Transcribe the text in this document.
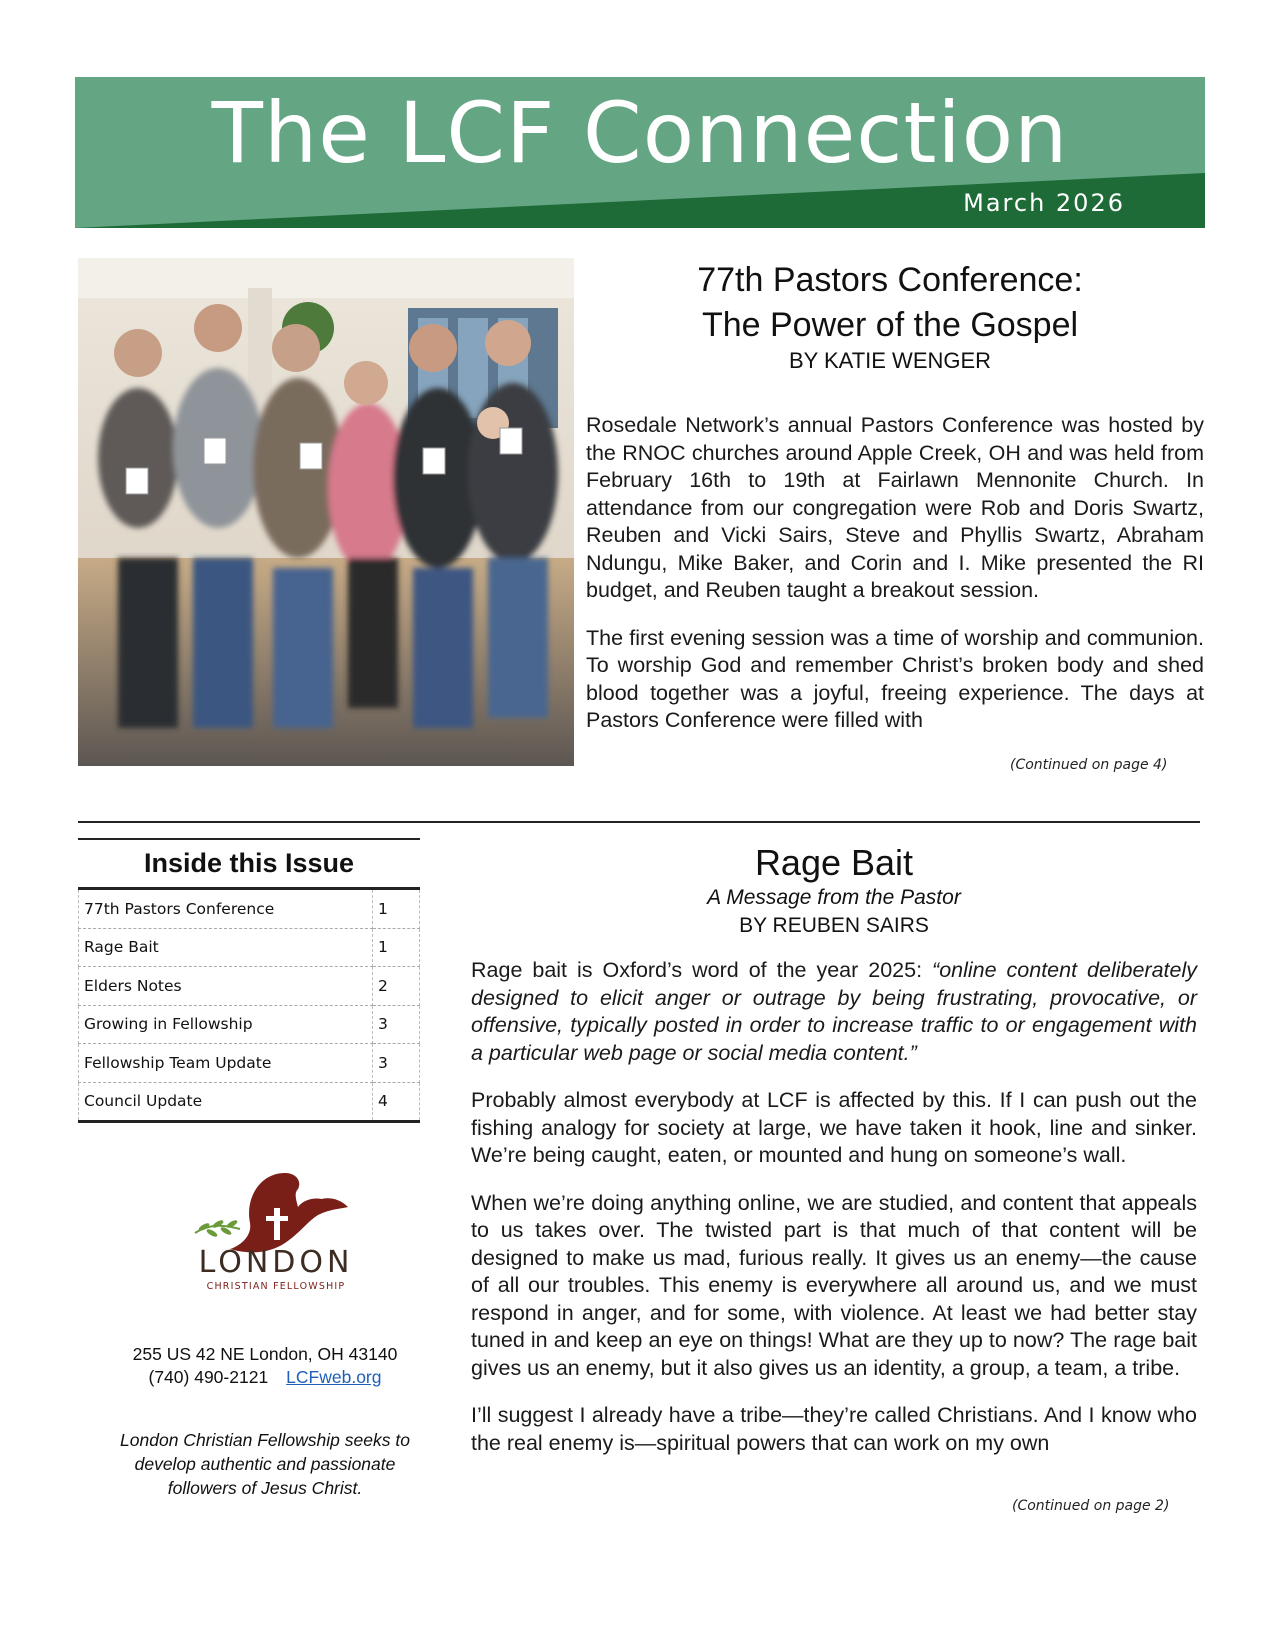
The LCF Connection
March 2026
77th Pastors Conference:
The Power of the Gospel
BY KATIE WENGER

Rosedale Network’s annual Pastors Conference was hosted by the RNOC churches around Apple Creek, OH and was held from February 16th to 19th at Fairlawn Mennonite Church. In attendance from our congregation were Rob and Doris Swartz, Reuben and Vicki Sairs, Steve and Phyllis Swartz, Abraham Ndungu, Mike Baker, and Corin and I. Mike presented the RI budget, and Reuben taught a breakout session.

The first evening session was a time of worship and communion. To worship God and remember Christ’s broken body and shed blood together was a joyful, freeing experience. The days at Pastors Conference were filled with

(Continued on page 4)
Inside this Issue
77th Pastors Conference	1
Rage Bait	1
Elders Notes	2
Growing in Fellowship	3
Fellowship Team Update	3
Council Update	4
LONDON
CHRISTIAN FELLOWSHIP
255 US 42 NE London, OH 43140
(740) 490-2121 LCFweb.org
London Christian Fellowship seeks to develop authentic and passionate followers of Jesus Christ.
Rage Bait
A Message from the Pastor
BY REUBEN SAIRS

Rage bait is Oxford’s word of the year 2025: “online content deliberately designed to elicit anger or outrage by being frustrating, provocative, or offensive, typically posted in order to increase traffic to or engagement with a particular web page or social media content.”

Probably almost everybody at LCF is affected by this. If I can push out the fishing analogy for society at large, we have taken it hook, line and sinker. We’re being caught, eaten, or mounted and hung on someone’s wall.

When we’re doing anything online, we are studied, and content that appeals to us takes over. The twisted part is that much of that content will be designed to make us mad, furious really. It gives us an enemy—the cause of all our troubles. This enemy is everywhere all around us, and we must respond in anger, and for some, with violence. At least we had better stay tuned in and keep an eye on things! What are they up to now? The rage bait gives us an enemy, but it also gives us an identity, a group, a team, a tribe.

I’ll suggest I already have a tribe—they’re called Christians. And I know who the real enemy is—spiritual powers that can work on my own

(Continued on page 2)
